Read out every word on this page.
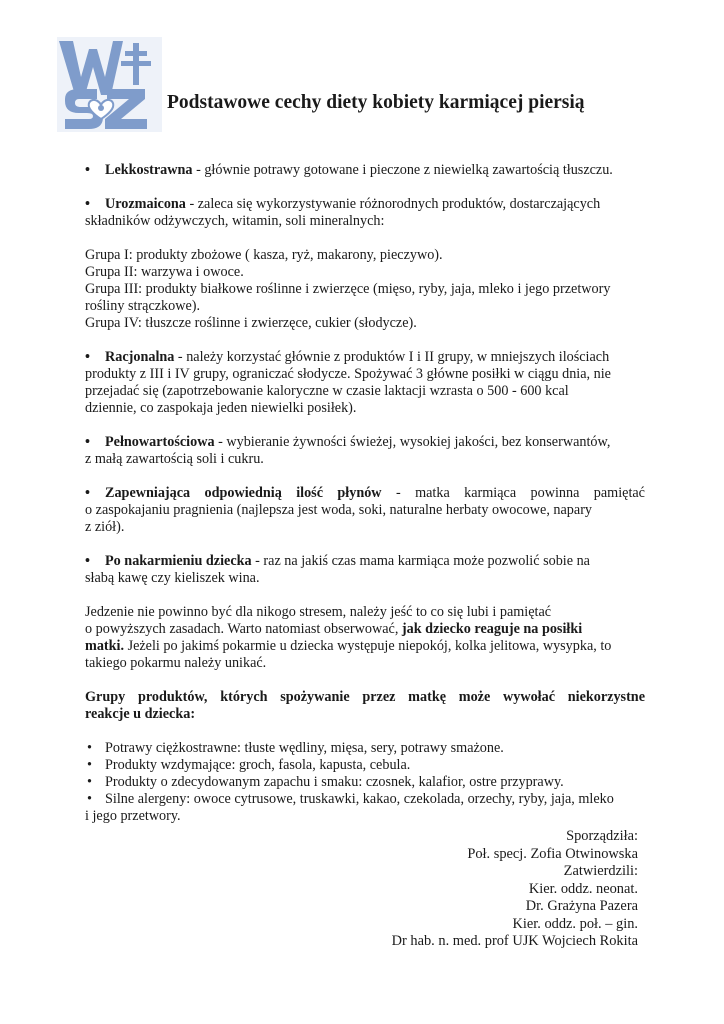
Podstawowe cechy diety kobiety karmiącej piersią

• Lekkostrawna - głównie potrawy gotowane i pieczone z niewielką zawartością tłuszczu.

• Urozmaicona - zaleca się wykorzystywanie różnorodnych produktów, dostarczających

składników odżywczych, witamin, soli mineralnych:

Grupa I: produkty zbożowe ( kasza, ryż, makarony, pieczywo).

Grupa II: warzywa i owoce.

Grupa III: produkty białkowe roślinne i zwierzęce (mięso, ryby, jaja, mleko i jego przetwory

rośliny strączkowe).

Grupa IV: tłuszcze roślinne i zwierzęce, cukier (słodycze).

• Racjonalna - należy korzystać głównie z produktów I i II grupy, w mniejszych ilościach

produkty z III i IV grupy, ograniczać słodycze. Spożywać 3 główne posiłki w ciągu dnia, nie

przejadać się (zapotrzebowanie kaloryczne w czasie laktacji wzrasta o 500 - 600 kcal

dziennie, co zaspokaja jeden niewielki posiłek).

• Pełnowartościowa - wybieranie żywności świeżej, wysokiej jakości, bez konserwantów,

z małą zawartością soli i cukru.

• Zapewniająca odpowiednią ilość płynów - matka karmiąca powinna pamiętać

o zaspokajaniu pragnienia (najlepsza jest woda, soki, naturalne herbaty owocowe, napary

z ziół).

• Po nakarmieniu dziecka - raz na jakiś czas mama karmiąca może pozwolić sobie na

słabą kawę czy kieliszek wina.

Jedzenie nie powinno być dla nikogo stresem, należy jeść to co się lubi i pamiętać

o powyższych zasadach. Warto natomiast obserwować, jak dziecko reaguje na posiłki

matki. Jeżeli po jakimś pokarmie u dziecka występuje niepokój, kolka jelitowa, wysypka, to

takiego pokarmu należy unikać.

Grupy produktów, których spożywanie przez matkę może wywołać niekorzystne

reakcje u dziecka:

• Potrawy ciężkostrawne: tłuste wędliny, mięsa, sery, potrawy smażone.
• Produkty wzdymające: groch, fasola, kapusta, cebula.
• Produkty o zdecydowanym zapachu i smaku: czosnek, kalafior, ostre przyprawy.
• Silne alergeny: owoce cytrusowe, truskawki, kakao, czekolada, orzechy, ryby, jaja, mleko

i jego przetwory.

Sporządziła:
Poł. specj. Zofia Otwinowska
Zatwierdzili:
Kier. oddz. neonat.
Dr. Grażyna Pazera
Kier. oddz. poł. – gin.
Dr hab. n. med. prof UJK Wojciech Rokita
